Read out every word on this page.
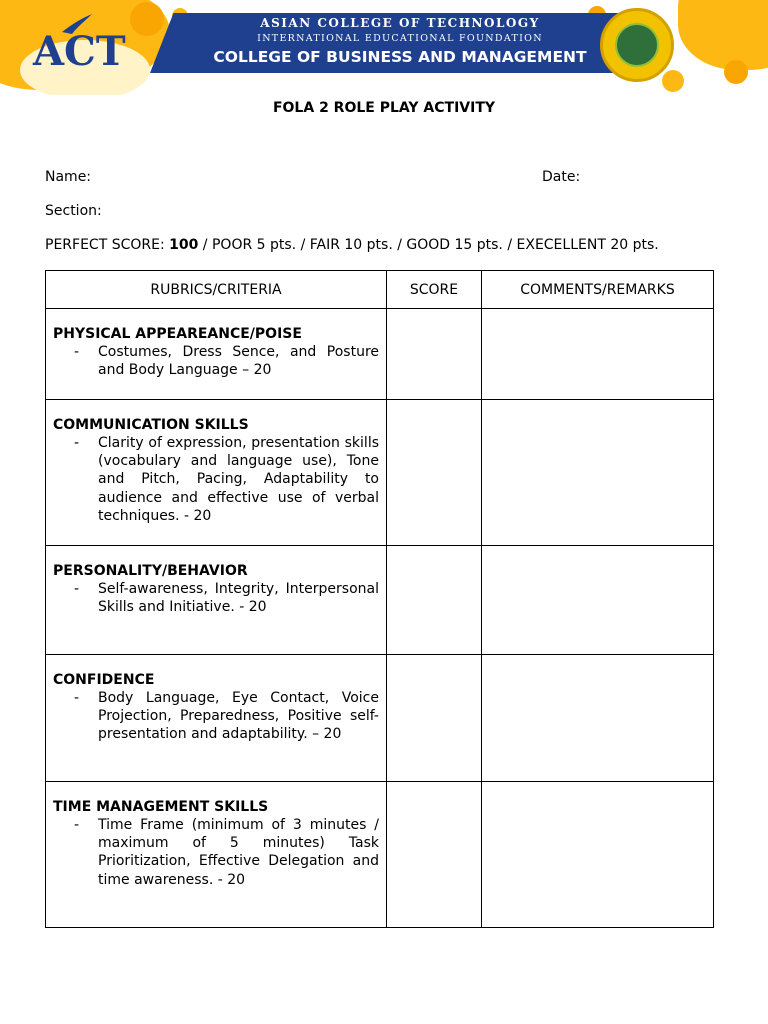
ACT
ASIAN COLLEGE OF TECHNOLOGY
INTERNATIONAL EDUCATIONAL FOUNDATION
COLLEGE OF BUSINESS AND MANAGEMENT
FOLA 2 ROLE PLAY ACTIVITY
Name:	Date:
Section:
PERFECT SCORE: 100 / POOR 5 pts. / FAIR 10 pts. / GOOD 15 pts. / EXECELLENT 20 pts.
RUBRICS/CRITERIA	SCORE	COMMENTS/REMARKS

PHYSICAL APPEAREANCE/POISE
- Costumes, Dress Sence, and Posture and Body Language – 20		

COMMUNICATION SKILLS
- Clarity of expression, presentation skills (vocabulary and language use), Tone and Pitch, Pacing, Adaptability to audience and effective use of verbal techniques. - 20		

PERSONALITY/BEHAVIOR
- Self-awareness, Integrity, Interpersonal Skills and Initiative. - 20		

CONFIDENCE
- Body Language, Eye Contact, Voice Projection, Preparedness, Positive self-presentation and adaptability. – 20		

TIME MANAGEMENT SKILLS
- Time Frame (minimum of 3 minutes / maximum of 5 minutes) Task Prioritization, Effective Delegation and time awareness. - 20		
